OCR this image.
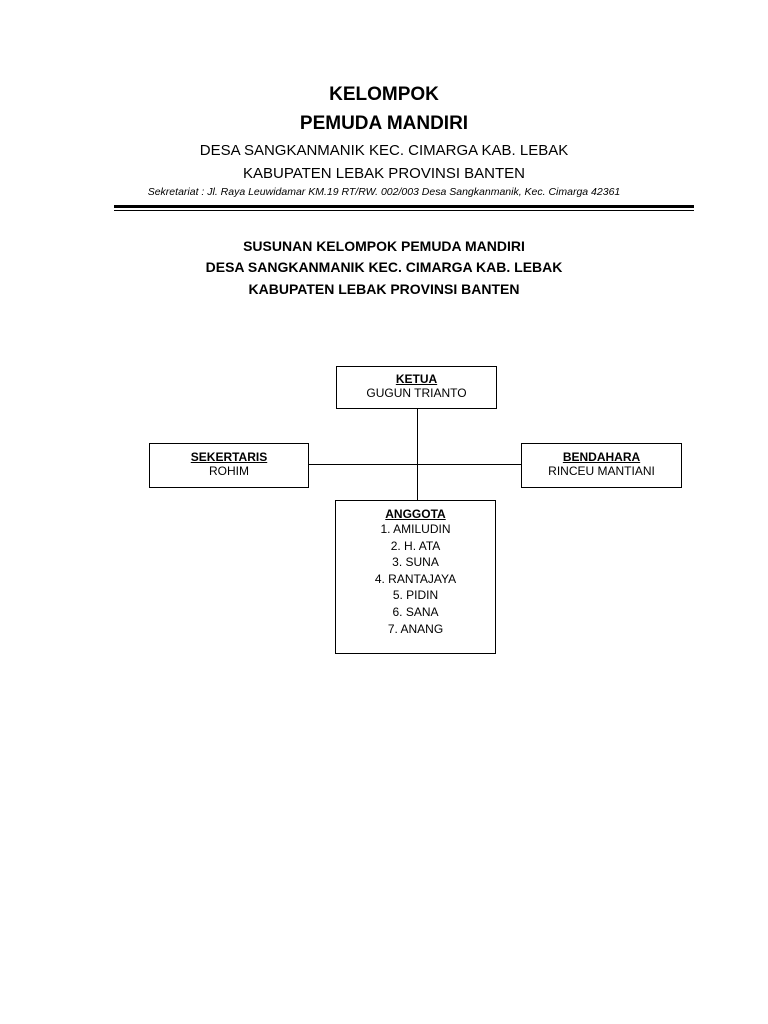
KELOMPOK
PEMUDA MANDIRI
DESA SANGKANMANIK KEC. CIMARGA KAB. LEBAK
KABUPATEN LEBAK PROVINSI BANTEN
Sekretariat : Jl. Raya Leuwidamar KM.19 RT/RW. 002/003 Desa Sangkanmanik, Kec. Cimarga 42361
SUSUNAN KELOMPOK PEMUDA MANDIRI
DESA SANGKANMANIK KEC. CIMARGA KAB. LEBAK
KABUPATEN LEBAK PROVINSI BANTEN
KETUA
GUGUN TRIANTO
SEKERTARIS
ROHIM
BENDAHARA
RINCEU MANTIANI
ANGGOTA
1. AMILUDIN
2. H. ATA
3. SUNA
4. RANTAJAYA
5. PIDIN
6. SANA
7. ANANG
